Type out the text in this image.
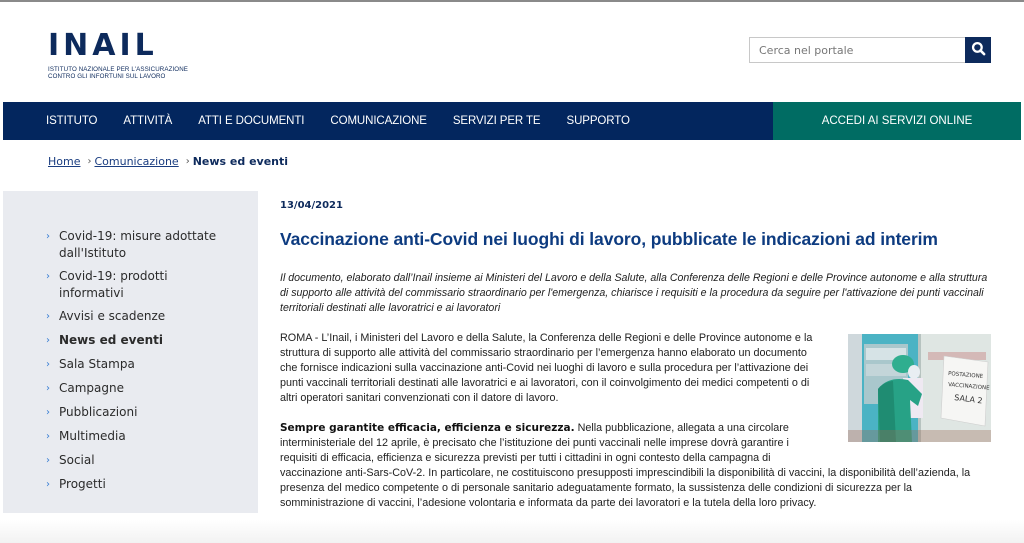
INAIL
ISTITUTO NAZIONALE PER L'ASSICURAZIONE
CONTRO GLI INFORTUNI SUL LAVORO
Cerca nel portale
ISTITUTO ATTIVITÀ ATTI E DOCUMENTI COMUNICAZIONE SERVIZI PER TE SUPPORTO	ACCEDI AI SERVIZI ONLINE
Home › Comunicazione › News ed eventi
› Covid-19: misure adottate dall'Istituto
› Covid-19: prodotti informativi
› Avvisi e scadenze
› News ed eventi
› Sala Stampa
› Campagne
› Pubblicazioni
› Multimedia
› Social
› Progetti
13/04/2021
Vaccinazione anti-Covid nei luoghi di lavoro, pubblicate le indicazioni ad interim

Il documento, elaborato dall’Inail insieme ai Ministeri del Lavoro e della Salute, alla Conferenza delle Regioni e delle Province autonome e alla struttura di supporto alle attività del commissario straordinario per l'emergenza, chiarisce i requisiti e la procedura da seguire per l'attivazione dei punti vaccinali territoriali destinati alle lavoratrici e ai lavoratori

POSTAZIONE
VACCINAZIONE
SALA 2

ROMA - L’Inail, i Ministeri del Lavoro e della Salute, la Conferenza delle Regioni e delle Province autonome e la struttura di supporto alle attività del commissario straordinario per l’emergenza hanno elaborato un documento che fornisce indicazioni sulla vaccinazione anti-Covid nei luoghi di lavoro e sulla procedura per l’attivazione dei punti vaccinali territoriali destinati alle lavoratrici e ai lavoratori, con il coinvolgimento dei medici competenti o di altri operatori sanitari convenzionati con il datore di lavoro.

Sempre garantite efficacia, efficienza e sicurezza. Nella pubblicazione, allegata a una circolare interministeriale del 12 aprile, è precisato che l’istituzione dei punti vaccinali nelle imprese dovrà garantire i requisiti di efficacia, efficienza e sicurezza previsti per tutti i cittadini in ogni contesto della campagna di
vaccinazione anti-Sars-CoV-2. In particolare, ne costituiscono presupposti imprescindibili la disponibilità di vaccini, la disponibilità dell’azienda, la presenza del medico competente o di personale sanitario adeguatamente formato, la sussistenza delle condizioni di sicurezza per la somministrazione di vaccini, l’adesione volontaria e informata da parte dei lavoratori e la tutela della loro privacy.
